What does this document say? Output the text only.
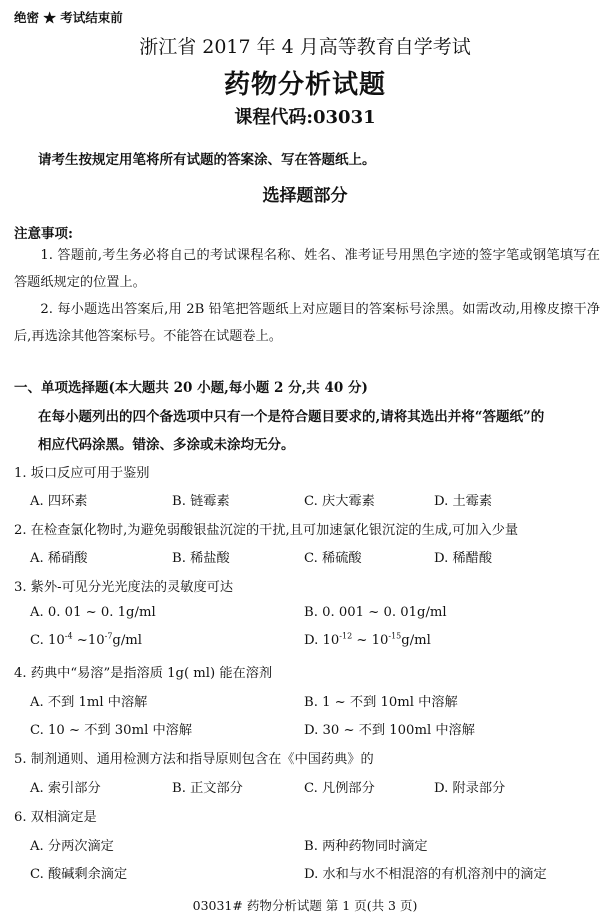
绝密 ★ 考试结束前
浙江省 2017 年 4 月高等教育自学考试
药物分析试题
课程代码:03031
请考生按规定用笔将所有试题的答案涂、写在答题纸上。
选择题部分
注意事项:
1. 答题前,考生务必将自己的考试课程名称、姓名、准考证号用黑色字迹的签字笔或钢笔填写在答题纸规定的位置上。
2. 每小题选出答案后,用 2B 铅笔把答题纸上对应题目的答案标号涂黑。如需改动,用橡皮擦干净后,再选涂其他答案标号。不能答在试题卷上。
一、单项选择题(本大题共 20 小题,每小题 2 分,共 40 分)
在每小题列出的四个备选项中只有一个是符合题目要求的,请将其选出并将“答题纸”的
相应代码涂黑。错涂、多涂或未涂均无分。
1. 坂口反应可用于鉴别
A. 四环素	B. 链霉素	C. 庆大霉素	D. 土霉素
2. 在检查氯化物时,为避免弱酸银盐沉淀的干扰,且可加速氯化银沉淀的生成,可加入少量
A. 稀硝酸	B. 稀盐酸	C. 稀硫酸	D. 稀醋酸
3. 紫外-可见分光光度法的灵敏度可达
A. 0. 01 ~ 0. 1g/ml	B. 0. 001 ~ 0. 01g/ml
C. $10^{-4}$ $\sim 10^{-7}g/ml$	D. $10^{-12}$ ~ $10^{-15}g/ml$
4. 药典中“易溶”是指溶质 1g( ml) 能在溶剂
A. 不到 1ml 中溶解	B. 1 ~ 不到 10ml 中溶解
C. 10 ~ 不到 30ml 中溶解	D. 30 ~ 不到 100ml 中溶解
5. 制剂通则、通用检测方法和指导原则包含在《中国药典》的
A. 索引部分	B. 正文部分	C. 凡例部分	D. 附录部分
6. 双相滴定是
A. 分两次滴定	B. 两种药物同时滴定
C. 酸碱剩余滴定	D. 水和与水不相混溶的有机溶剂中的滴定
03031# 药物分析试题 第 1 页(共 3 页)
